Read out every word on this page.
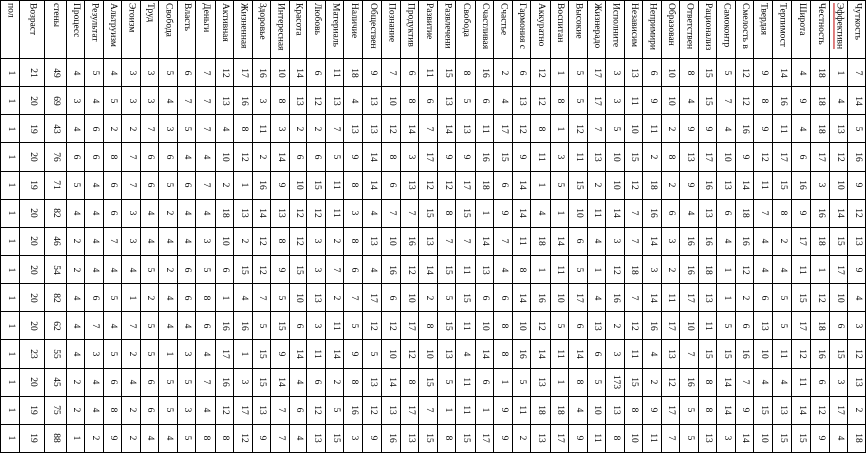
пол Возраст стены Процесс Результат Альтруизм Эгоизм Труд Свобода Власть Деньги Активная Жизненная Здоровье Интересная Красота Любовь Материаль Наличие Обществен Познание Продуктив Развитие Развлечени Свобода Счастливая Счастье Гармония с Аккуратно Воспитан Высокие Жизнерадо Исполните Независим Непримири Образован Ответствен Рационализ Самоконтр Смелость в Твердая Терпимост Широта Честность Эффективн Чуткость
1 21 49 4 5 4 3 3 5 6 7 12 17 16 10 14 6 11 18 9 7 6 11 15 8 16 2 6 12 1 5 17 3 13 6 10 8 15 5 12 9 14 4 18 1 7
1 20 69 3 4 5 3 3 4 7 7 13 16 3 8 13 12 13 4 13 10 8 6 13 5 6 4 13 12 8 5 17 3 11 9 10 4 15 7 12 8 16 9 18 4 14
1 19 43 4 6 2 2 7 3 5 7 4 8 11 3 2 2 7 13 13 12 14 7 14 13 11 17 12 8 1 12 7 5 10 11 2 9 9 4 16 9 11 4 18 13 5
1 20 76 6 6 8 7 6 6 4 4 10 12 2 14 6 6 5 9 14 8 3 17 9 9 16 15 9 11 3 11 13 10 15 2 8 13 17 10 9 12 17 6 17 12 16
1 19 71 5 4 6 7 6 5 6 7 2 1 16 9 10 15 11 8 14 6 13 12 12 17 18 6 14 1 5 15 2 10 12 18 2 9 16 13 14 11 15 16 3 10 9
1 20 82 4 4 6 3 4 2 4 4 18 13 14 13 12 12 11 3 4 7 7 15 8 15 1 9 14 4 1 10 11 14 7 16 6 4 13 6 18 7 8 9 16 14 12
1 20 46 2 4 7 3 4 4 4 3 10 2 12 8 12 3 2 8 13 10 16 13 7 7 14 7 11 18 14 6 4 3 7 14 3 16 16 4 16 4 2 17 18 15 13
1 20 54 2 4 4 4 5 2 6 5 6 15 12 9 15 3 7 6 4 16 12 14 15 11 13 4 8 1 11 5 1 12 18 3 2 16 18 1 12 4 4 11 1 17 9
1 20 82 4 6 5 1 2 4 6 8 1 4 7 5 10 13 2 7 17 6 10 2 5 15 6 6 14 16 10 17 4 16 7 14 11 17 13 1 2 6 5 15 12 10 4
1 20 62 4 7 4 7 5 4 4 6 16 16 5 15 6 3 11 5 12 12 17 8 15 11 10 8 10 12 5 6 13 2 12 16 17 10 11 5 6 13 5 17 18 6 3
1 23 55 4 3 5 2 5 1 3 4 17 1 15 9 14 11 14 9 5 10 12 10 13 4 14 8 16 14 11 14 6 3 11 4 13 7 15 15 16 10 11 12 16 15 12
1 20 45 2 4 6 4 6 5 5 7 16 3 15 14 4 6 2 8 13 14 8 15 5 11 6 1 5 13 1 8 5 173 15 2 12 16 8 14 7 4 4 11 6 3 13
1 19 75 2 4 8 2 6 5 3 4 12 17 13 7 6 12 5 16 12 13 17 7 1 11 1 9 11 18 18 4 10 13 8 9 17 5 8 14 9 15 13 14 12 17 2
1 19 88 1 2 9 2 4 4 5 8 8 12 9 7 4 13 15 3 9 16 13 15 8 15 17 9 2 13 17 9 11 8 10 11 7 5 13 3 14 10 15 15 9 4 18
